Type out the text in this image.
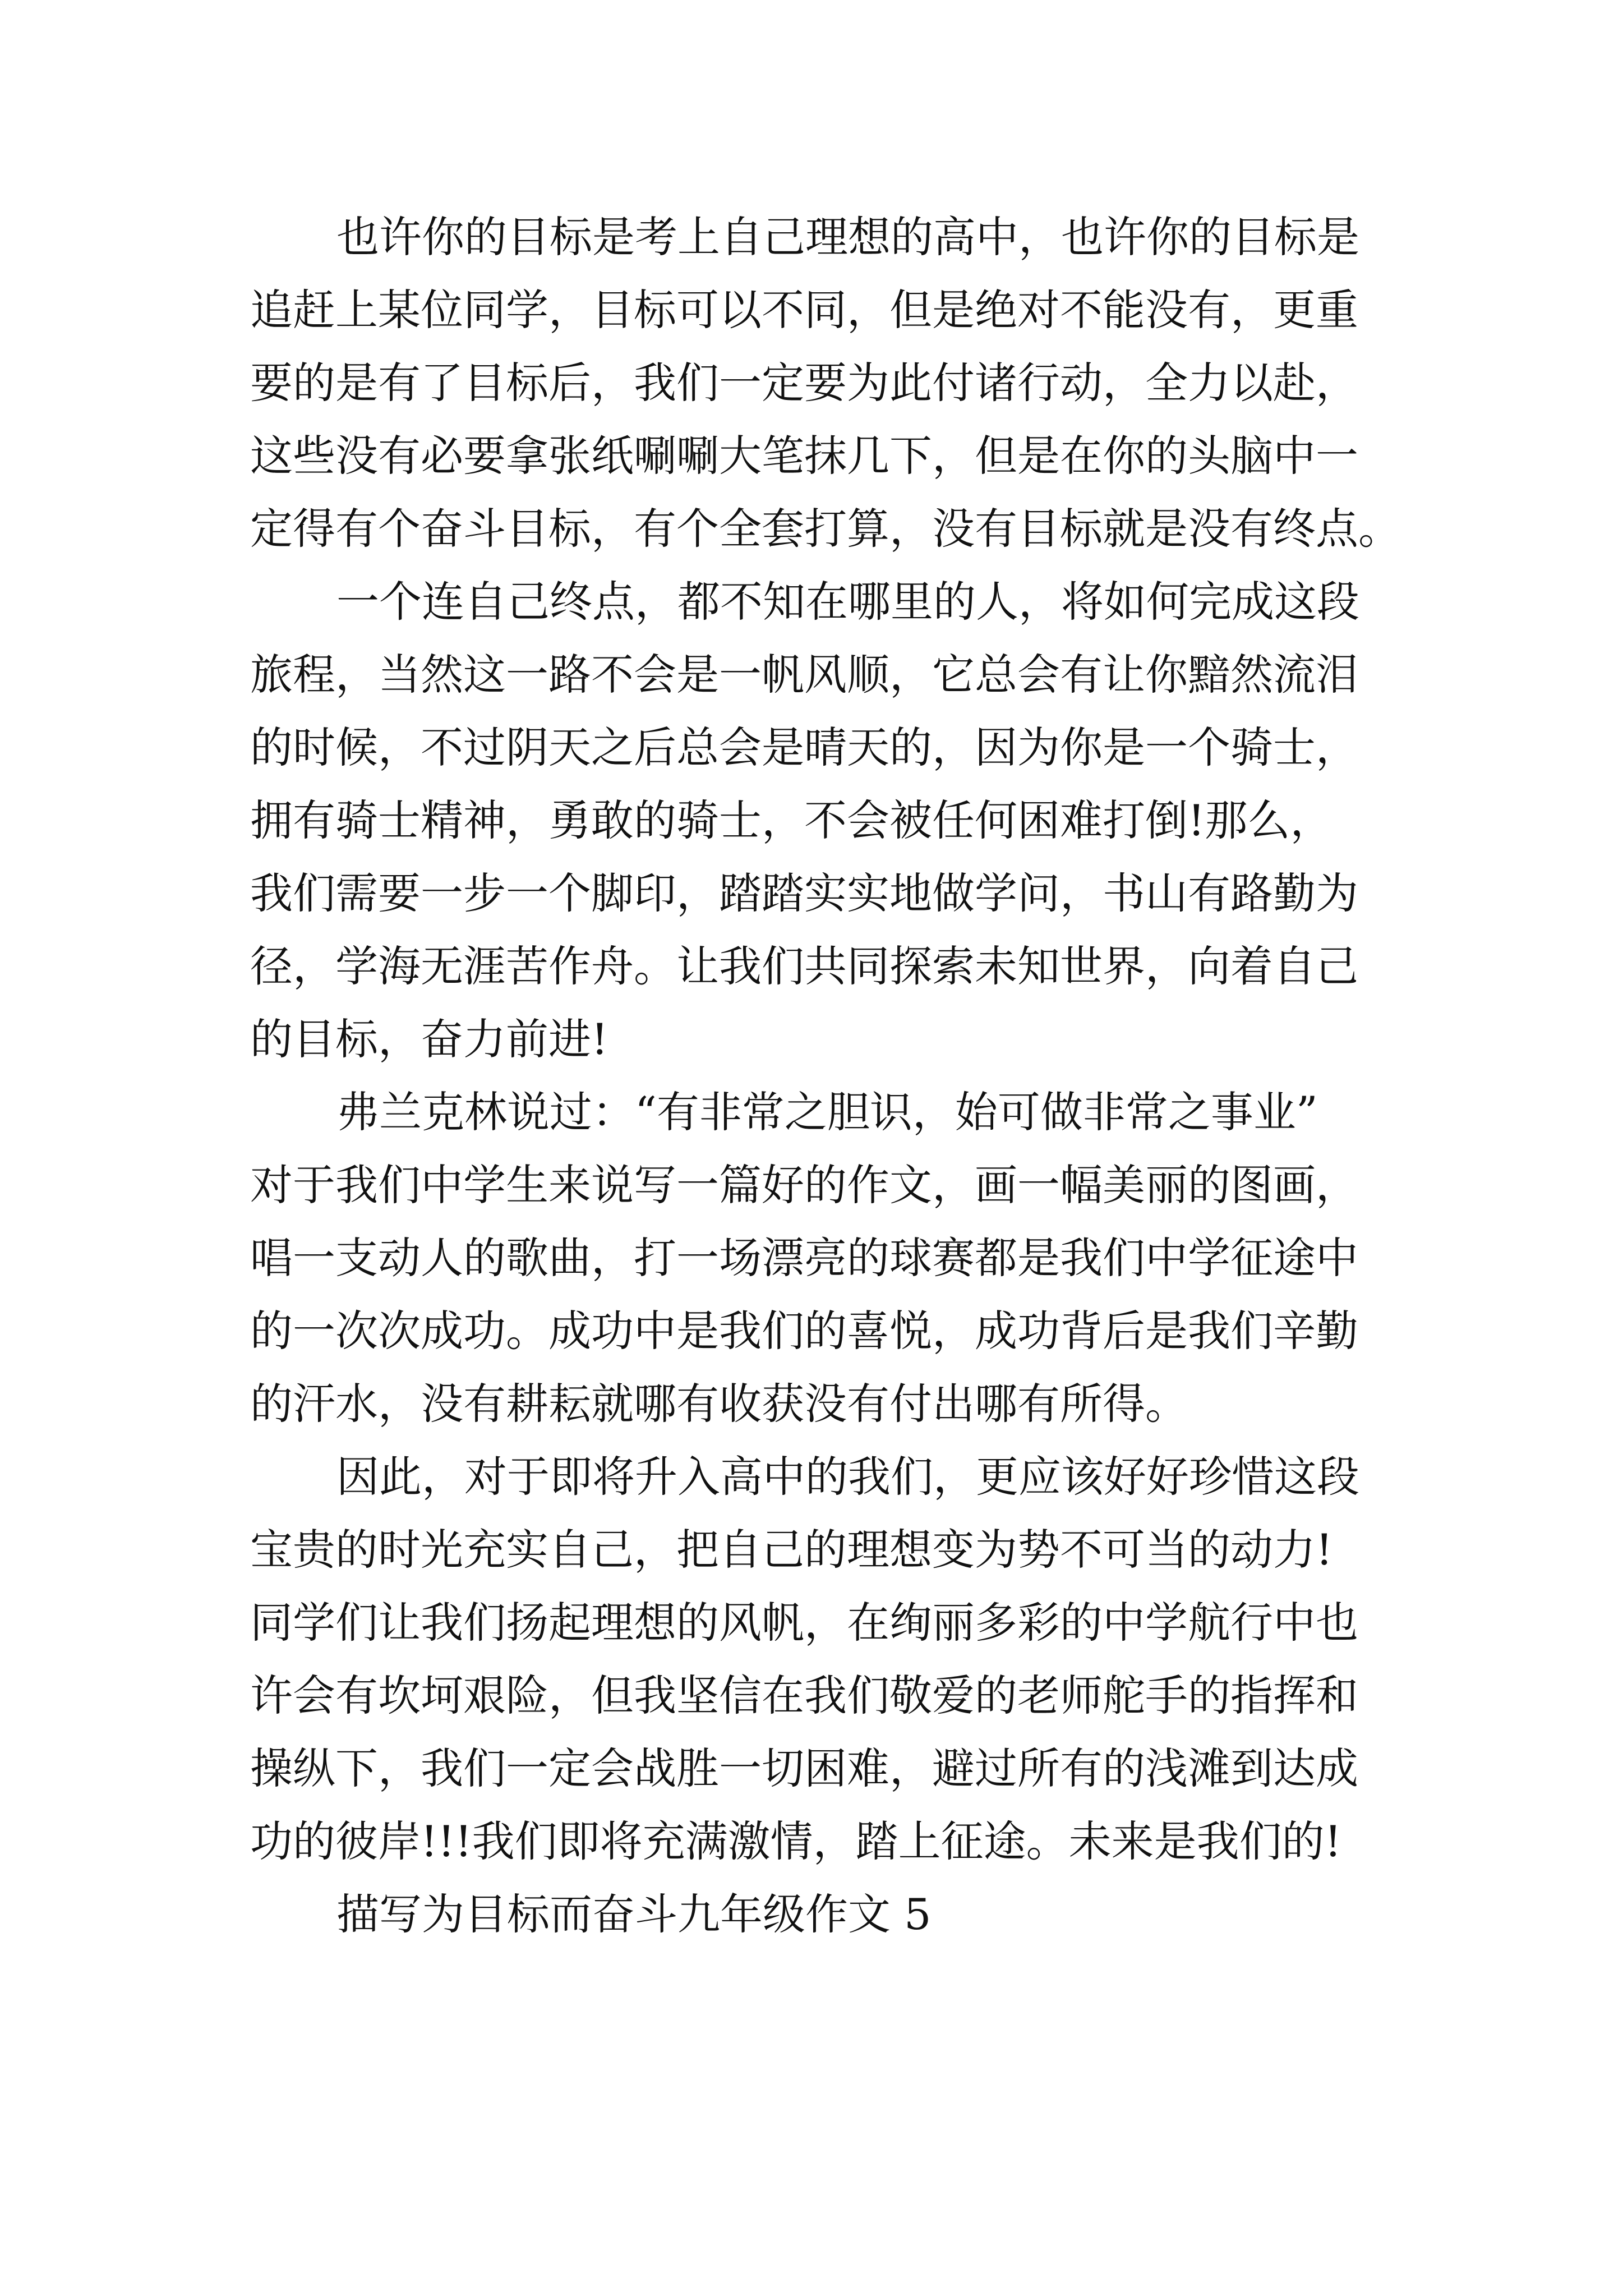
也许你的目标是考上自己理想的高中，也许你的目标是
追赶上某位同学，目标可以不同，但是绝对不能没有，更重
要的是有了目标后，我们一定要为此付诸行动，全力以赴，
这些没有必要拿张纸唰唰大笔抹几下，但是在你的头脑中一
定得有个奋斗目标，有个全套打算，没有目标就是没有终点。
一个连自己终点，都不知在哪里的人，将如何完成这段
旅程，当然这一路不会是一帆风顺，它总会有让你黯然流泪
的时候，不过阴天之后总会是晴天的，因为你是一个骑士，
拥有骑士精神，勇敢的骑士，不会被任何困难打倒!那么，
我们需要一步一个脚印，踏踏实实地做学问，书山有路勤为
径，学海无涯苦作舟。让我们共同探索未知世界，向着自己
的目标，奋力前进!
弗兰克林说过：“有非常之胆识，始可做非常之事业”
对于我们中学生来说写一篇好的作文，画一幅美丽的图画，
唱一支动人的歌曲，打一场漂亮的球赛都是我们中学征途中
的一次次成功。成功中是我们的喜悦，成功背后是我们辛勤
的汗水，没有耕耘就哪有收获没有付出哪有所得。
因此，对于即将升入高中的我们，更应该好好珍惜这段
宝贵的时光充实自己，把自己的理想变为势不可当的动力!
同学们让我们扬起理想的风帆，在绚丽多彩的中学航行中也
许会有坎坷艰险，但我坚信在我们敬爱的老师舵手的指挥和
操纵下，我们一定会战胜一切困难，避过所有的浅滩到达成
功的彼岸!!!我们即将充满激情，踏上征途。未来是我们的!
描写为目标而奋斗九年级作文 5
